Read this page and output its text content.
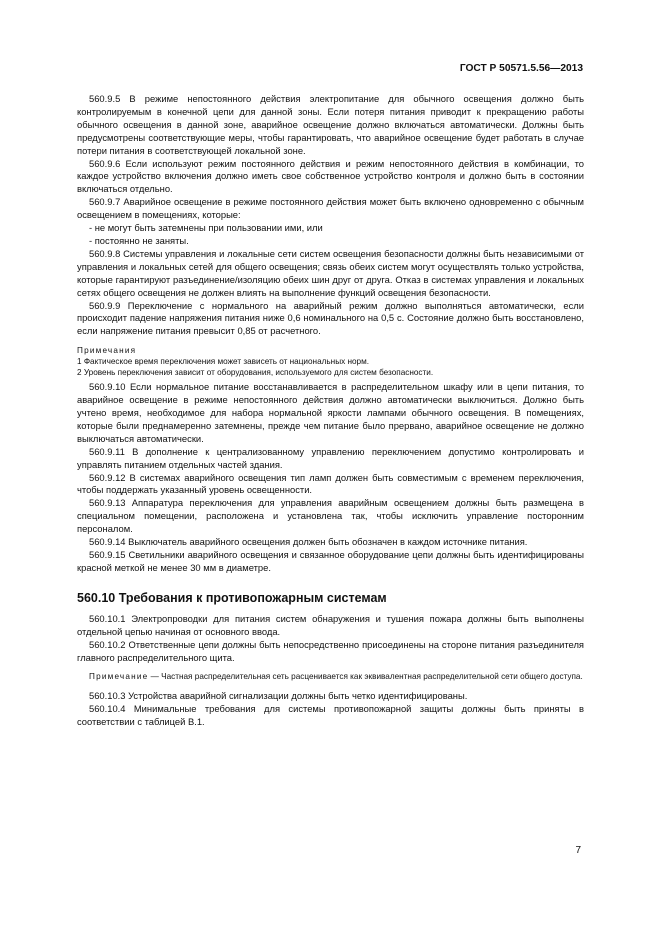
ГОСТ Р 50571.5.56—2013

560.9.5 В режиме непостоянного действия электропитание для обычного освещения должно быть контролируемым в конечной цепи для данной зоны. Если потеря питания приводит к прекращению работы обычного освещения в данной зоне, аварийное освещение должно включаться автоматически. Должны быть предусмотрены соответствующие меры, чтобы гарантировать, что аварийное освещение будет работать в случае потери питания в соответствующей локальной зоне.

560.9.6 Если используют режим постоянного действия и режим непостоянного действия в комбинации, то каждое устройство включения должно иметь свое собственное устройство контроля и должно быть в состоянии включаться отдельно.

560.9.7 Аварийное освещение в режиме постоянного действия может быть включено одновременно с обычным освещением в помещениях, которые:

- не могут быть затемнены при пользовании ими, или

- постоянно не заняты.

560.9.8 Системы управления и локальные сети систем освещения безопасности должны быть независимыми от управления и локальных сетей для общего освещения; связь обеих систем могут осуществлять только устройства, которые гарантируют разъединение/изоляцию обеих шин друг от друга. Отказ в системах управления и локальных сетях общего освещения не должен влиять на выполнение функций освещения безопасности.

560.9.9 Переключение с нормального на аварийный режим должно выполняться автоматически, если происходит падение напряжения питания ниже 0,6 номинального на 0,5 с. Состояние должно быть восстановлено, если напряжение питания превысит 0,85 от расчетного.

Примечания

1 Фактическое время переключения может зависеть от национальных норм.

2 Уровень переключения зависит от оборудования, используемого для систем безопасности.

560.9.10 Если нормальное питание восстанавливается в распределительном шкафу или в цепи питания, то аварийное освещение в режиме непостоянного действия должно автоматически выключиться. Должно быть учтено время, необходимое для набора нормальной яркости лампами обычного освещения. В помещениях, которые были преднамеренно затемнены, прежде чем питание было прервано, аварийное освещение не должно выключаться автоматически.

560.9.11 В дополнение к централизованному управлению переключением допустимо контролировать и управлять питанием отдельных частей здания.

560.9.12 В системах аварийного освещения тип ламп должен быть совместимым с временем переключения, чтобы поддержать указанный уровень освещенности.

560.9.13 Аппаратура переключения для управления аварийным освещением должны быть размещена в специальном помещении, расположена и установлена так, чтобы исключить управление посторонним персоналом.

560.9.14 Выключатель аварийного освещения должен быть обозначен в каждом источнике питания.

560.9.15 Светильники аварийного освещения и связанное оборудование цепи должны быть идентифицированы красной меткой не менее 30 мм в диаметре.

560.10 Требования к противопожарным системам

560.10.1 Электропроводки для питания систем обнаружения и тушения пожара должны быть выполнены отдельной цепью начиная от основного ввода.

560.10.2 Ответственные цепи должны быть непосредственно присоединены на стороне питания разъединителя главного распределительного щита.

Примечание — Частная распределительная сеть расценивается как эквивалентная распределительной сети общего доступа.

560.10.3 Устройства аварийной сигнализации должны быть четко идентифицированы.

560.10.4 Минимальные требования для системы противопожарной защиты должны быть приняты в соответствии с таблицей В.1.

7
